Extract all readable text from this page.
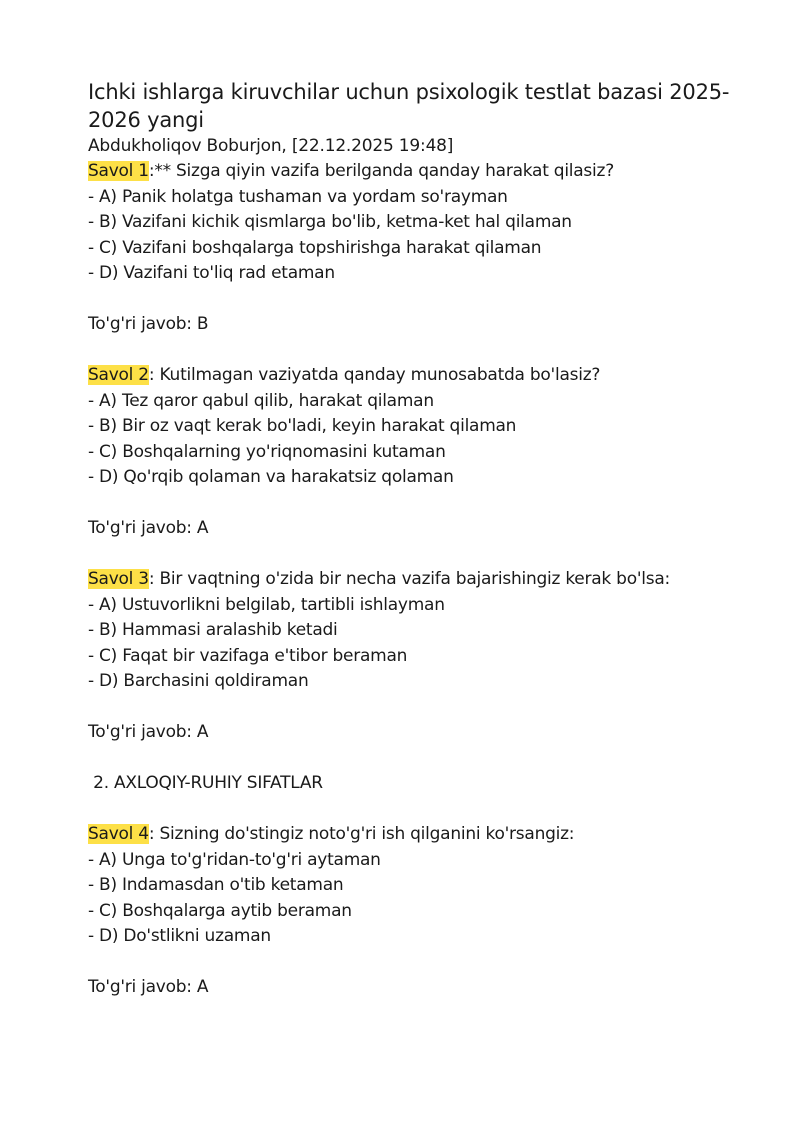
Ichki ishlarga kiruvchilar uchun psixologik testlat bazasi 2025-2026 yangi

Abdukholiqov Boburjon, [22.12.2025 19:48]

Savol 1:** Sizga qiyin vazifa berilganda qanday harakat qilasiz?

- A) Panik holatga tushaman va yordam so'rayman

- B) Vazifani kichik qismlarga bo'lib, ketma-ket hal qilaman

- C) Vazifani boshqalarga topshirishga harakat qilaman

- D) Vazifani to'liq rad etaman

To'g'ri javob: B

Savol 2: Kutilmagan vaziyatda qanday munosabatda bo'lasiz?

- A) Tez qaror qabul qilib, harakat qilaman

- B) Bir oz vaqt kerak bo'ladi, keyin harakat qilaman

- C) Boshqalarning yo'riqnomasini kutaman

- D) Qo'rqib qolaman va harakatsiz qolaman

To'g'ri javob: A

Savol 3: Bir vaqtning o'zida bir necha vazifa bajarishingiz kerak bo'lsa:

- A) Ustuvorlikni belgilab, tartibli ishlayman

- B) Hammasi aralashib ketadi

- C) Faqat bir vazifaga e'tibor beraman

- D) Barchasini qoldiraman

To'g'ri javob: A

2. AXLOQIY-RUHIY SIFATLAR

Savol 4: Sizning do'stingiz noto'g'ri ish qilganini ko'rsangiz:

- A) Unga to'g'ridan-to'g'ri aytaman

- B) Indamasdan o'tib ketaman

- C) Boshqalarga aytib beraman

- D) Do'stlikni uzaman

To'g'ri javob: A
